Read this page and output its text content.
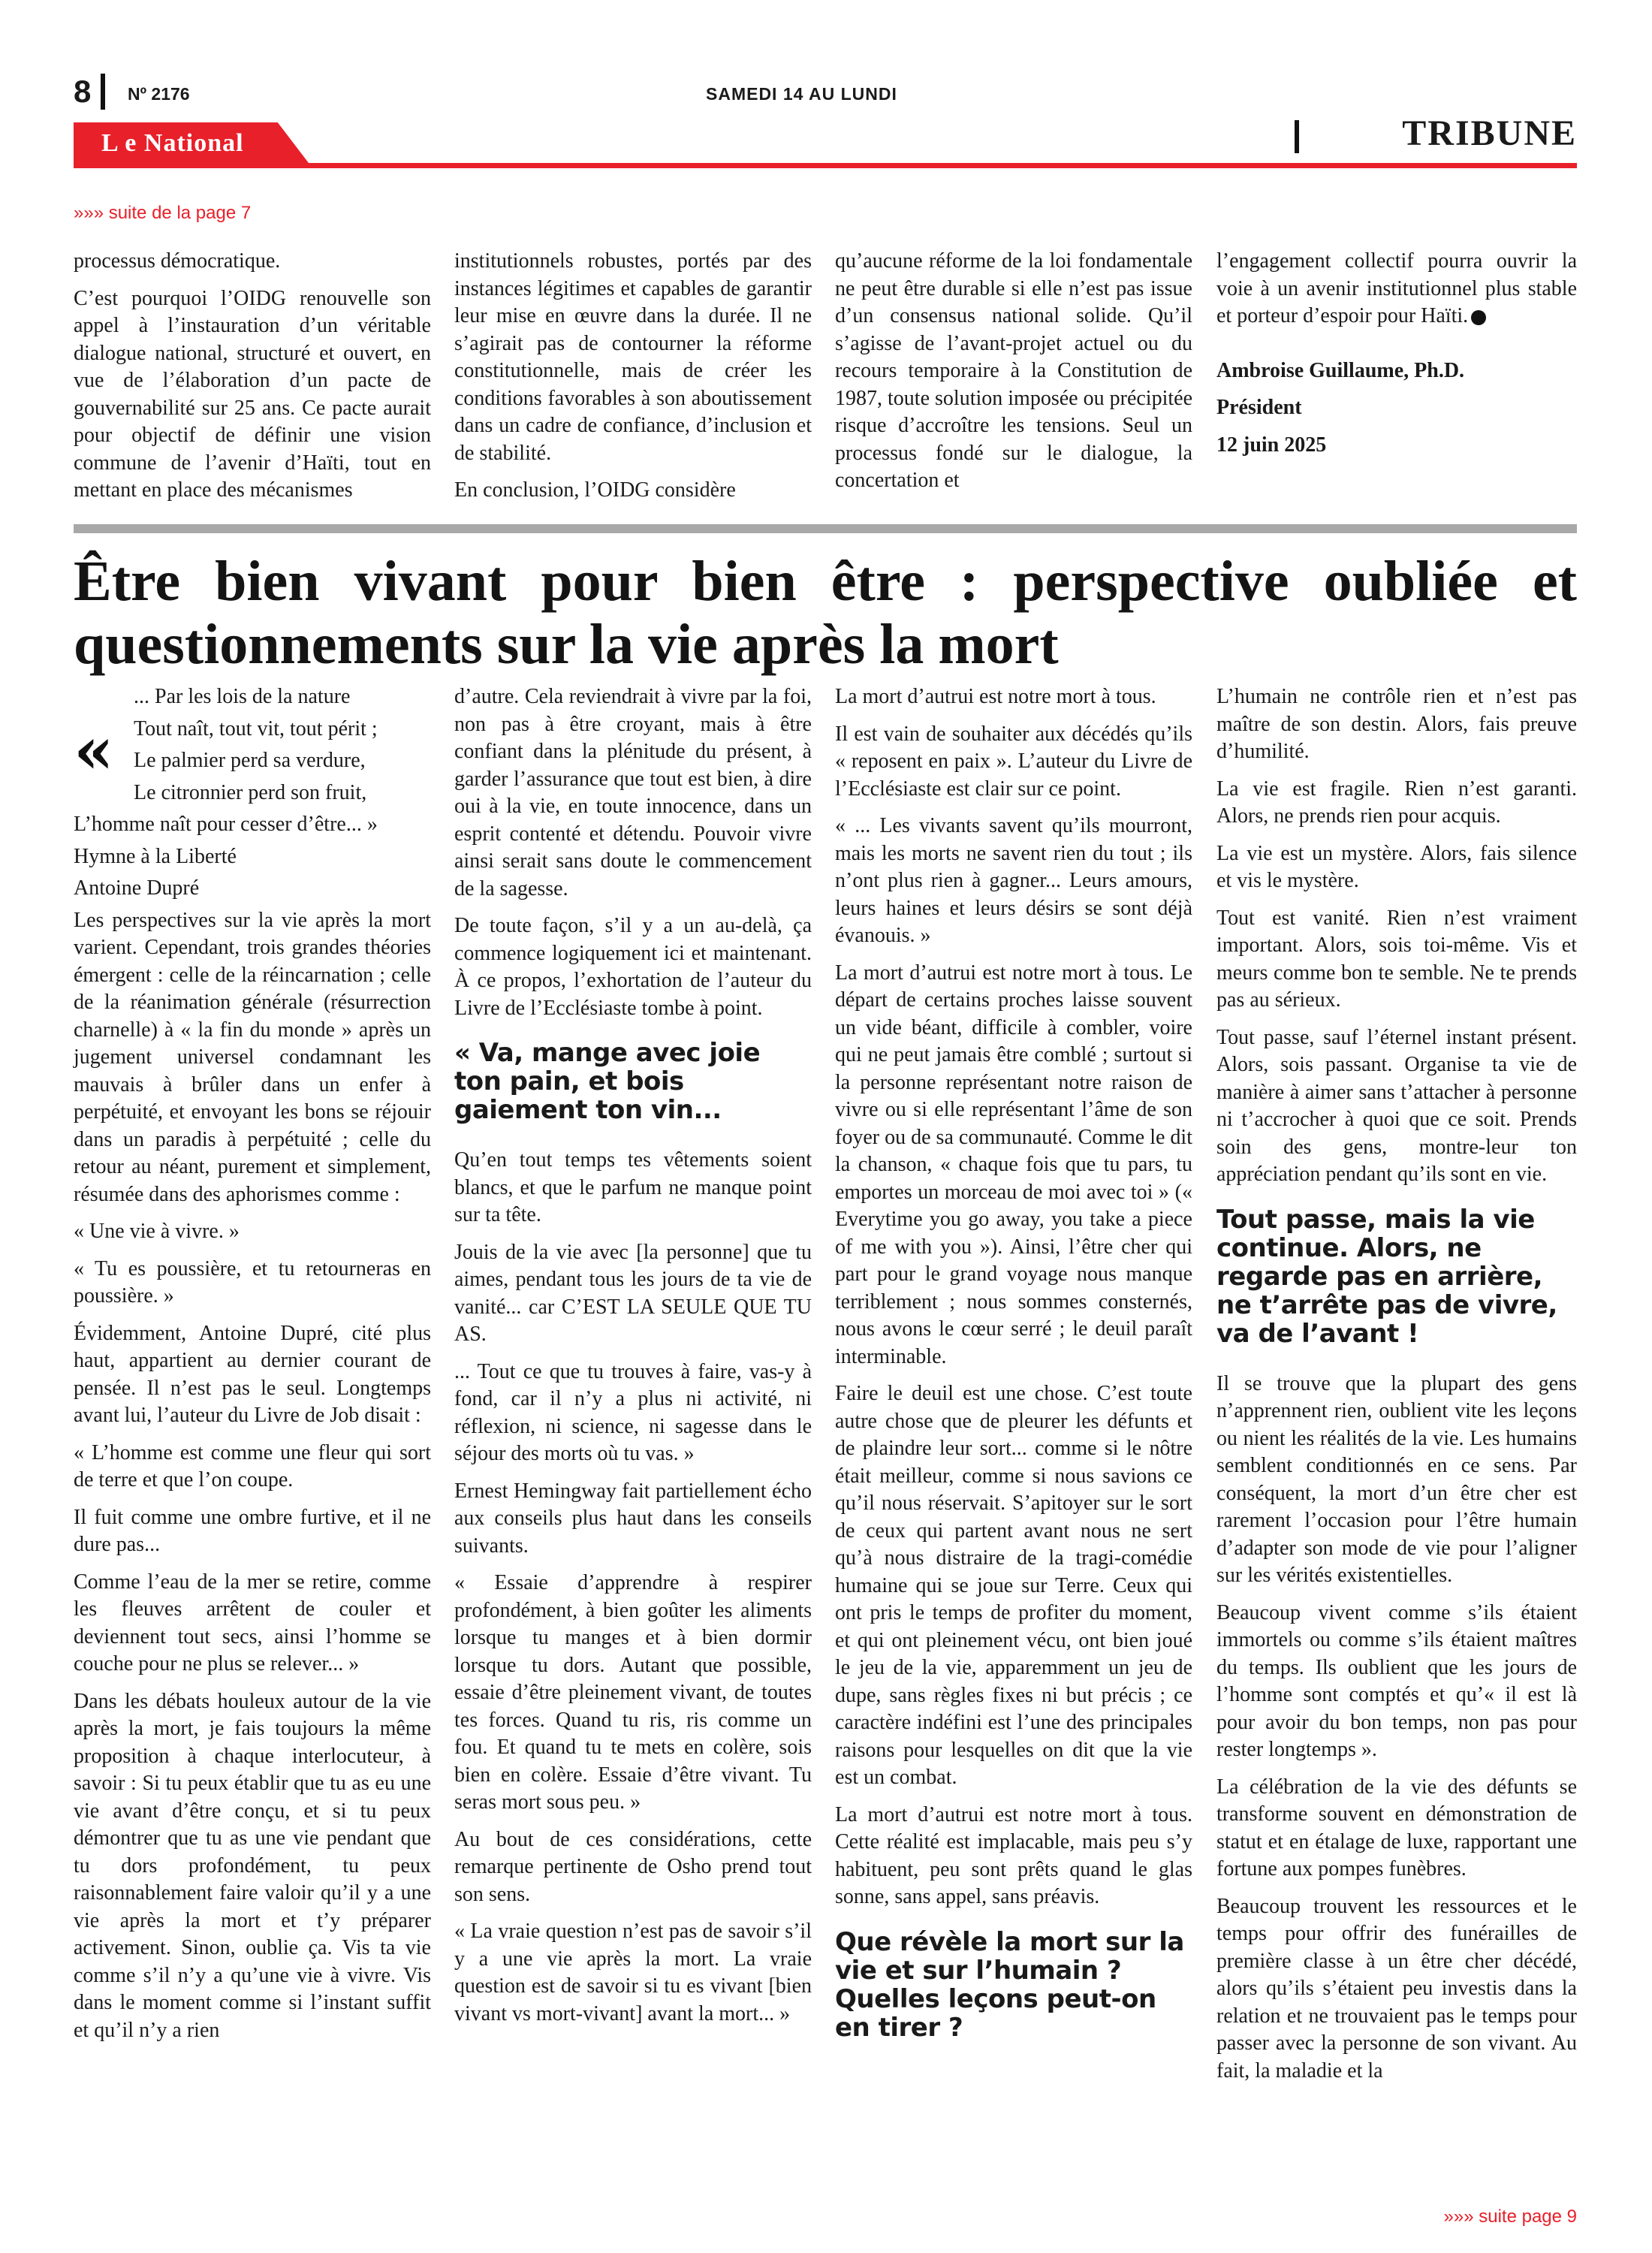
8 Nº 2176	SAMEDI 14 AU LUNDI
L e National	TRIBUNE
»»» suite de la page 7

processus démocratique.

C’est pourquoi l’OIDG renouvelle son appel à l’instauration d’un véritable dialogue national, structuré et ouvert, en vue de l’élaboration d’un pacte de gouvernabilité sur 25 ans. Ce pacte aurait pour objectif de définir une vision commune de l’avenir d’Haïti, tout en mettant en place des mécanismes

institutionnels robustes, portés par des instances légitimes et capables de garantir leur mise en œuvre dans la durée. Il ne s’agirait pas de contourner la réforme constitutionnelle, mais de créer les conditions favorables à son aboutissement dans un cadre de confiance, d’inclusion et de stabilité.

En conclusion, l’OIDG considère

qu’aucune réforme de la loi fondamentale ne peut être durable si elle n’est pas issue d’un consensus national solide. Qu’il s’agisse de l’avant-projet actuel ou du recours temporaire à la Constitution de 1987, toute solution imposée ou précipitée risque d’accroître les tensions. Seul un processus fondé sur le dialogue, la concertation et

l’engagement collectif pourra ouvrir la voie à un avenir institutionnel plus stable et porteur d’espoir pour Haïti.

Ambroise Guillaume, Ph.D.

Président

12 juin 2025

Être bien vivant pour bien être : perspective oubliée et questionnements sur la vie après la mort
«

... Par les lois de la nature

Tout naît, tout vit, tout périt ;

Le palmier perd sa verdure,

Le citronnier perd son fruit,

L’homme naît pour cesser d’être... »

Hymne à la Liberté

Antoine Dupré

Les perspectives sur la vie après la mort varient. Cependant, trois grandes théories émergent : celle de la réincarnation ; celle de la réanimation générale (résurrection charnelle) à « la fin du monde » après un jugement universel condamnant les mauvais à brûler dans un enfer à perpétuité, et envoyant les bons se réjouir dans un paradis à perpétuité ; celle du retour au néant, purement et simplement, résumée dans des aphorismes comme :

« Une vie à vivre. »

« Tu es poussière, et tu retourneras en poussière. »

Évidemment, Antoine Dupré, cité plus haut, appartient au dernier courant de pensée. Il n’est pas le seul. Longtemps avant lui, l’auteur du Livre de Job disait :

« L’homme est comme une fleur qui sort de terre et que l’on coupe.

Il fuit comme une ombre furtive, et il ne dure pas...

Comme l’eau de la mer se retire, comme les fleuves arrêtent de couler et deviennent tout secs, ainsi l’homme se couche pour ne plus se relever... »

Dans les débats houleux autour de la vie après la mort, je fais toujours la même proposition à chaque interlocuteur, à savoir : Si tu peux établir que tu as eu une vie avant d’être conçu, et si tu peux démontrer que tu as une vie pendant que tu dors profondément, tu peux raisonnablement faire valoir qu’il y a une vie après la mort et t’y préparer activement. Sinon, oublie ça. Vis ta vie comme s’il n’y a qu’une vie à vivre. Vis dans le moment comme si l’instant suffit et qu’il n’y a rien

d’autre. Cela reviendrait à vivre par la foi, non pas à être croyant, mais à être confiant dans la plénitude du présent, à garder l’assurance que tout est bien, à dire oui à la vie, en toute innocence, dans un esprit contenté et détendu. Pouvoir vivre ainsi serait sans doute le commencement de la sagesse.

De toute façon, s’il y a un au-delà, ça commence logiquement ici et maintenant. À ce propos, l’exhortation de l’auteur du Livre de l’Ecclésiaste tombe à point.

« Va, mange avec joie ton pain, et bois gaiement ton vin...

Qu’en tout temps tes vêtements soient blancs, et que le parfum ne manque point sur ta tête.

Jouis de la vie avec [la personne] que tu aimes, pendant tous les jours de ta vie de vanité... car C’EST LA SEULE QUE TU AS.

... Tout ce que tu trouves à faire, vas-y à fond, car il n’y a plus ni activité, ni réflexion, ni science, ni sagesse dans le séjour des morts où tu vas. »

Ernest Hemingway fait partiellement écho aux conseils plus haut dans les conseils suivants.

« Essaie d’apprendre à respirer profondément, à bien goûter les aliments lorsque tu manges et à bien dormir lorsque tu dors. Autant que possible, essaie d’être pleinement vivant, de toutes tes forces. Quand tu ris, ris comme un fou. Et quand tu te mets en colère, sois bien en colère. Essaie d’être vivant. Tu seras mort sous peu. »

Au bout de ces considérations, cette remarque pertinente de Osho prend tout son sens.

« La vraie question n’est pas de savoir s’il y a une vie après la mort. La vraie question est de savoir si tu es vivant [bien vivant vs mort-vivant] avant la mort... »

La mort d’autrui est notre mort à tous.

Il est vain de souhaiter aux décédés qu’ils « reposent en paix ». L’auteur du Livre de l’Ecclésiaste est clair sur ce point.

« ... Les vivants savent qu’ils mourront, mais les morts ne savent rien du tout ; ils n’ont plus rien à gagner... Leurs amours, leurs haines et leurs désirs se sont déjà évanouis. »

La mort d’autrui est notre mort à tous. Le départ de certains proches laisse souvent un vide béant, difficile à combler, voire qui ne peut jamais être comblé ; surtout si la personne représentant notre raison de vivre ou si elle représentant l’âme de son foyer ou de sa communauté. Comme le dit la chanson, « chaque fois que tu pars, tu emportes un morceau de moi avec toi » (« Everytime you go away, you take a piece of me with you »). Ainsi, l’être cher qui part pour le grand voyage nous manque terriblement ; nous sommes consternés, nous avons le cœur serré ; le deuil paraît interminable.

Faire le deuil est une chose. C’est toute autre chose que de pleurer les défunts et de plaindre leur sort... comme si le nôtre était meilleur, comme si nous savions ce qu’il nous réservait. S’apitoyer sur le sort de ceux qui partent avant nous ne sert qu’à nous distraire de la tragi-comédie humaine qui se joue sur Terre. Ceux qui ont pris le temps de profiter du moment, et qui ont pleinement vécu, ont bien joué le jeu de la vie, apparemment un jeu de dupe, sans règles fixes ni but précis ; ce caractère indéfini est l’une des principales raisons pour lesquelles on dit que la vie est un combat.

La mort d’autrui est notre mort à tous. Cette réalité est implacable, mais peu s’y habituent, peu sont prêts quand le glas sonne, sans appel, sans préavis.

Que révèle la mort sur la vie et sur l’humain ? Quelles leçons peut-on en tirer ?

L’humain ne contrôle rien et n’est pas maître de son destin. Alors, fais preuve d’humilité.

La vie est fragile. Rien n’est garanti. Alors, ne prends rien pour acquis.

La vie est un mystère. Alors, fais silence et vis le mystère.

Tout est vanité. Rien n’est vraiment important. Alors, sois toi-même. Vis et meurs comme bon te semble. Ne te prends pas au sérieux.

Tout passe, sauf l’éternel instant présent. Alors, sois passant. Organise ta vie de manière à aimer sans t’attacher à personne ni t’accrocher à quoi que ce soit. Prends soin des gens, montre-leur ton appréciation pendant qu’ils sont en vie.

Tout passe, mais la vie continue. Alors, ne regarde pas en arrière, ne t’arrête pas de vivre, va de l’avant !

Il se trouve que la plupart des gens n’apprennent rien, oublient vite les leçons ou nient les réalités de la vie. Les humains semblent conditionnés en ce sens. Par conséquent, la mort d’un être cher est rarement l’occasion pour l’être humain d’adapter son mode de vie pour l’aligner sur les vérités existentielles.

Beaucoup vivent comme s’ils étaient immortels ou comme s’ils étaient maîtres du temps. Ils oublient que les jours de l’homme sont comptés et qu’« il est là pour avoir du bon temps, non pas pour rester longtemps ».

La célébration de la vie des défunts se transforme souvent en démonstration de statut et en étalage de luxe, rapportant une fortune aux pompes funèbres.

Beaucoup trouvent les ressources et le temps pour offrir des funérailles de première classe à un être cher décédé, alors qu’ils s’étaient peu investis dans la relation et ne trouvaient pas le temps pour passer avec la personne de son vivant. Au fait, la maladie et la

»»» suite page 9
